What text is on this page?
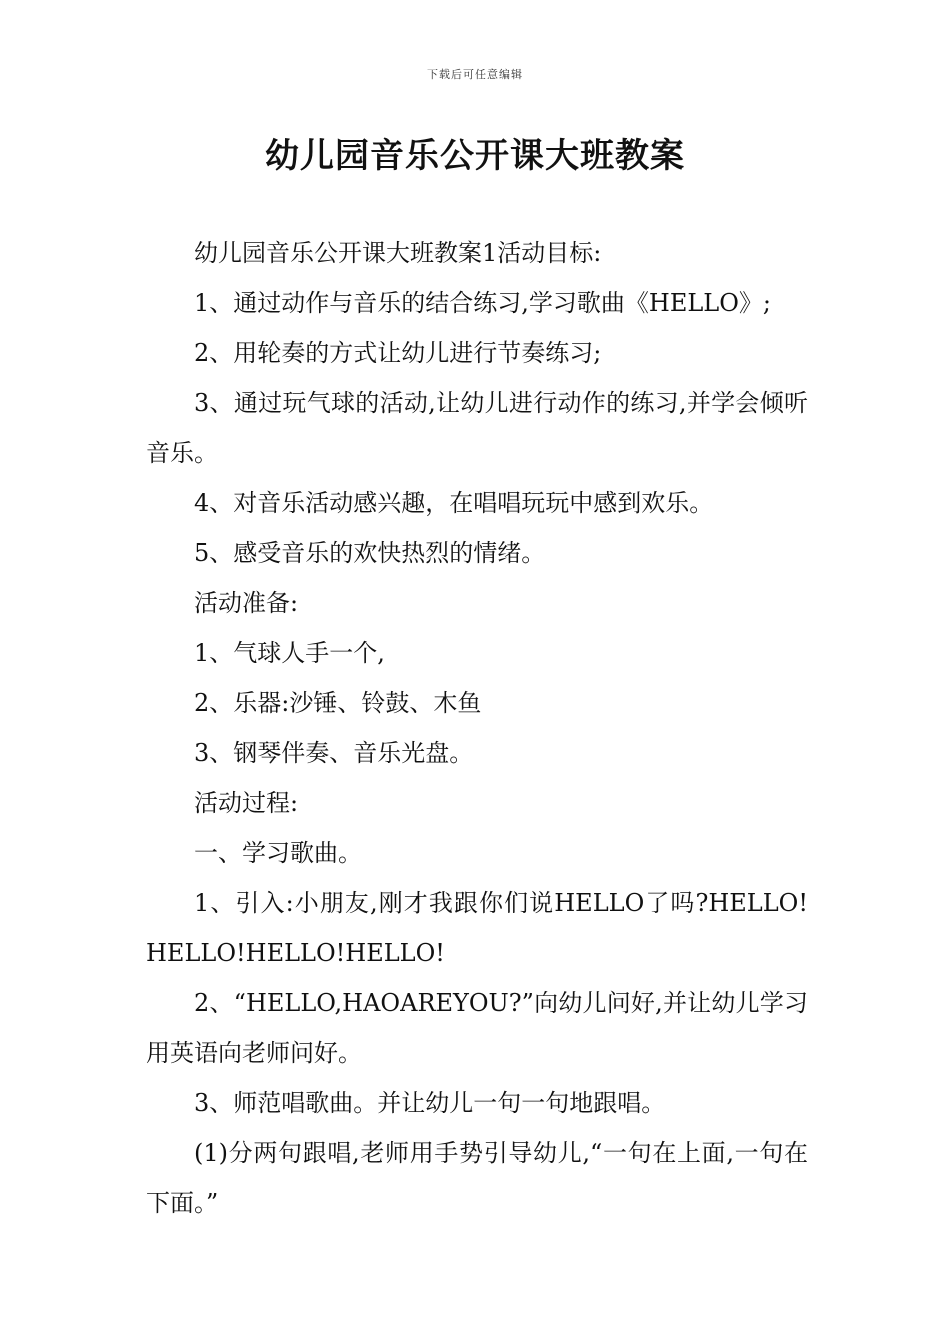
下载后可任意编辑
幼儿园音乐公开课大班教案

幼儿园音乐公开课大班教案1活动目标:

1、通过动作与音乐的结合练习,学习歌曲《HELLO》;

2、用轮奏的方式让幼儿进行节奏练习;

3、通过玩气球的活动,让幼儿进行动作的练习,并学会倾听音乐。

4、对音乐活动感兴趣，在唱唱玩玩中感到欢乐。

5、感受音乐的欢快热烈的情绪。

活动准备:

1、气球人手一个,

2、乐器:沙锤、铃鼓、木鱼

3、钢琴伴奏、音乐光盘。

活动过程:

一、学习歌曲。

1、引入:小朋友,刚才我跟你们说HELLO了吗?HELLO!HELLO!HELLO!HELLO!

2、“HELLO,HAOAREYOU?”向幼儿问好,并让幼儿学习用英语向老师问好。

3、师范唱歌曲。并让幼儿一句一句地跟唱。

(1)分两句跟唱,老师用手势引导幼儿,“一句在上面,一句在下面。”
